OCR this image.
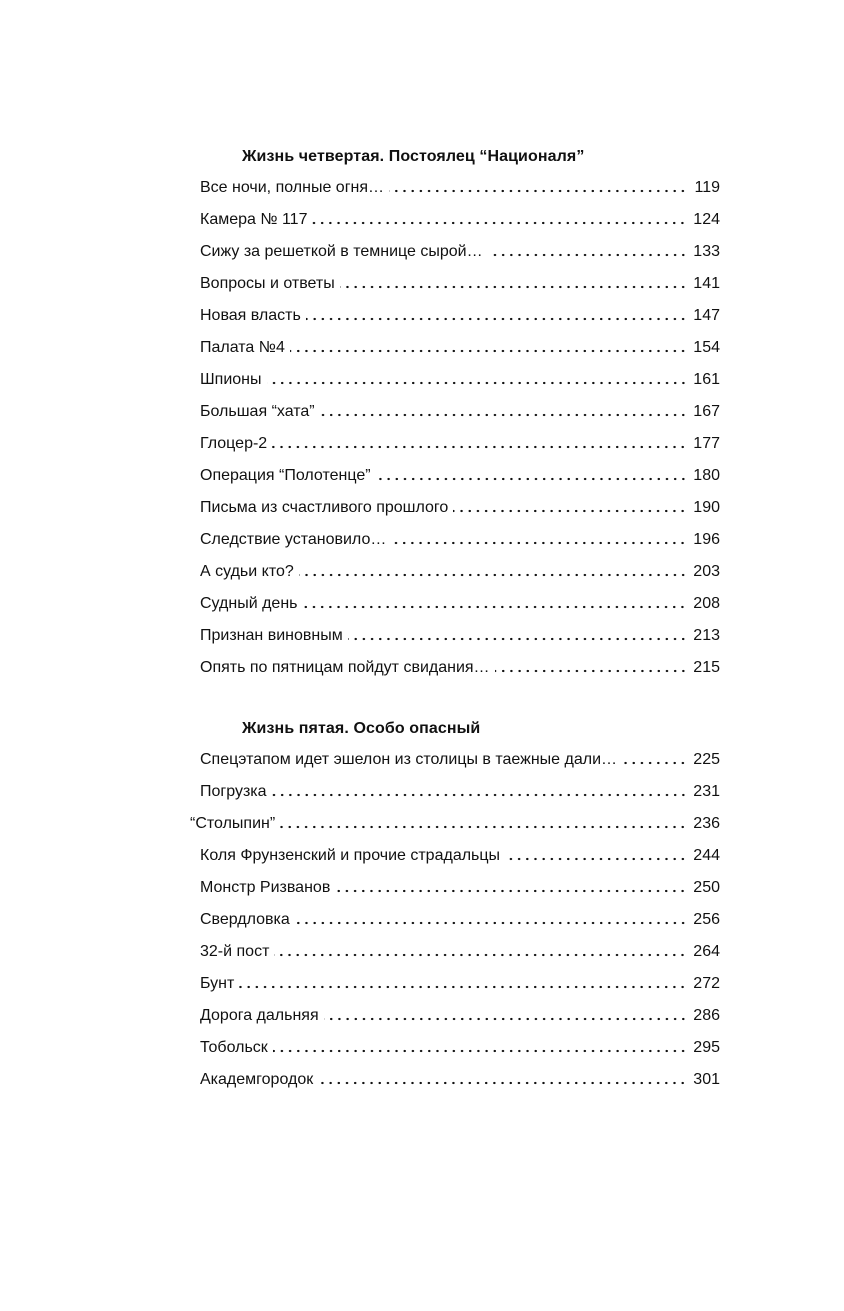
Жизнь четвертая. Постоялец “Националя”
Все ночи, полные огня…	119
Камера № 117	124
Сижу за решеткой в темнице сырой…	133
Вопросы и ответы	141
Новая власть	147
Палата №4	154
Шпионы	161
Большая “хата”	167
Глоцер-2	177
Операция “Полотенце”	180
Письма из счастливого прошлого	190
Следствие установило…	196
А судьи кто?	203
Судный день	208
Признан виновным	213
Опять по пятницам пойдут свидания…	215
Жизнь пятая. Особо опасный
Спецэтапом идет эшелон из столицы в таежные дали…	225
Погрузка	231
“Столыпин”	236
Коля Фрунзенский и прочие страдальцы	244
Монстр Ризванов	250
Свердловка	256
32-й пост	264
Бунт	272
Дорога дальняя	286
Тобольск	295
Академгородок	301
